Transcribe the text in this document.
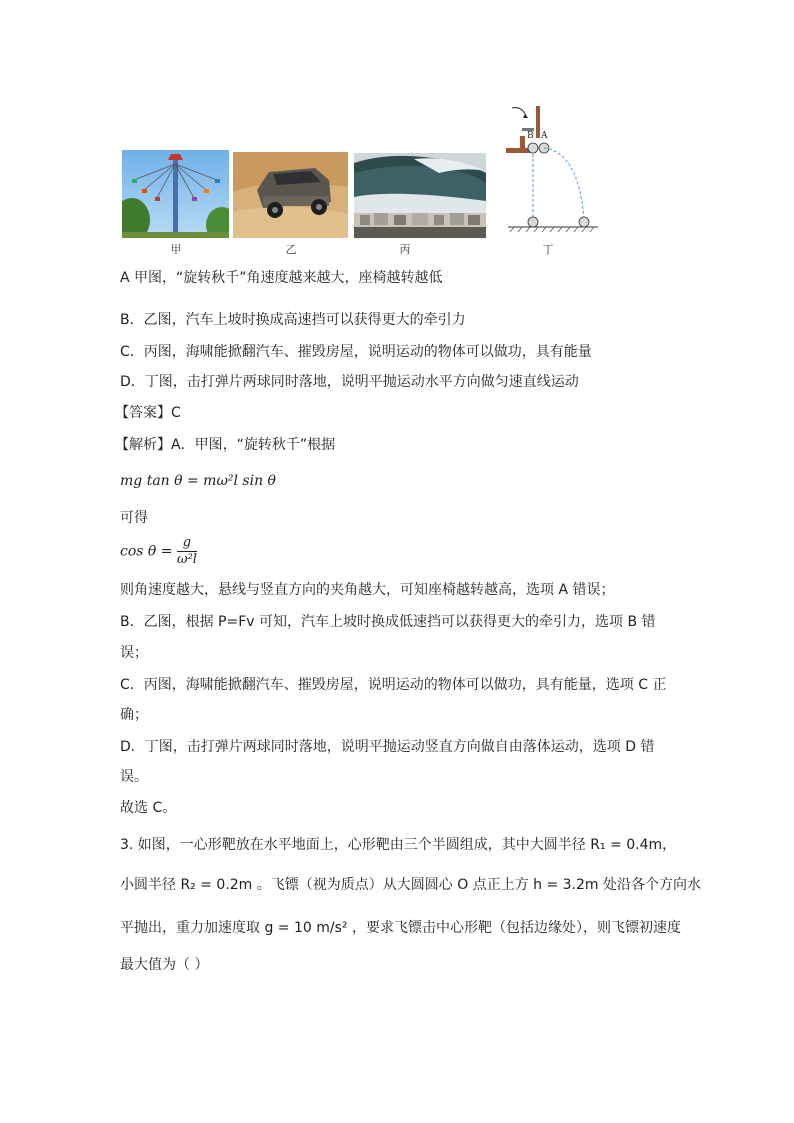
B A
甲	乙	丙	丁
A 甲图，“旋转秋千”角速度越来越大，座椅越转越低
B．乙图，汽车上坡时换成高速挡可以获得更大的牵引力
C．丙图，海啸能掀翻汽车、摧毁房屋，说明运动的物体可以做功，具有能量
D．丁图，击打弹片两球同时落地，说明平抛运动水平方向做匀速直线运动
【答案】C
【解析】A．甲图，“旋转秋千”根据
mg tan θ = mω²l sin θ
可得
$\cos \theta = \frac{g}{\text{ω²l}}$
则角速度越大，悬线与竖直方向的夹角越大，可知座椅越转越高，选项 A 错误；
B．乙图，根据 P=Fv 可知，汽车上坡时换成低速挡可以获得更大的牵引力，选项 B 错
误；
C．丙图，海啸能掀翻汽车、摧毁房屋，说明运动的物体可以做功，具有能量，选项 C 正
确；
D．丁图，击打弹片两球同时落地，说明平抛运动竖直方向做自由落体运动，选项 D 错
误。
故选 C。
3. 如图，一心形靶放在水平地面上，心形靶由三个半圆组成，其中大圆半径 R₁ = 0.4m，
小圆半径 R₂ = 0.2m 。飞镖（视为质点）从大圆圆心 O 点正上方 h = 3.2m 处沿各个方向水
平抛出，重力加速度取 g = 10 m/s² ，要求飞镖击中心形靶（包括边缘处），则飞镖初速度
最大值为（ ）
